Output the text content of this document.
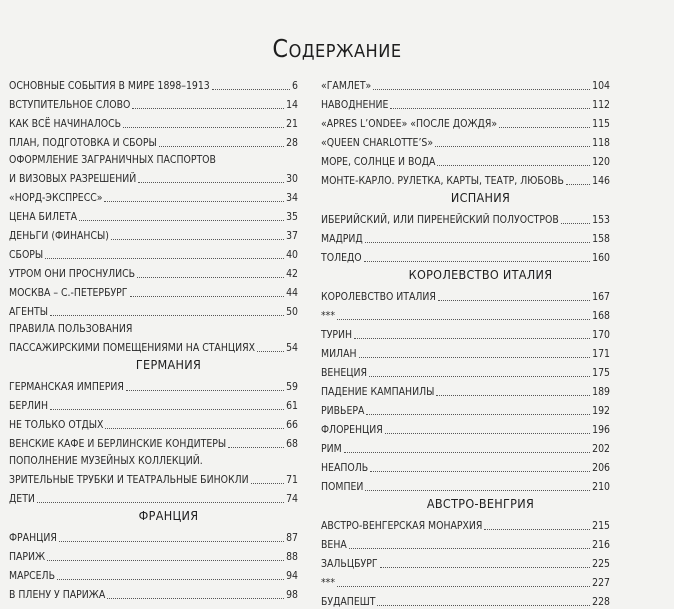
Содержание
ОСНОВНЫЕ СОБЫТИЯ В МИРЕ 1898–1913	6
ВСТУПИТЕЛЬНОЕ СЛОВО	14
КАК ВСЁ НАЧИНАЛОСЬ	21
ПЛАН, ПОДГОТОВКА И СБОРЫ	28
ОФОРМЛЕНИЕ ЗАГРАНИЧНЫХ ПАСПОРТОВ
И ВИЗОВЫХ РАЗРЕШЕНИЙ	30
«НОРД-ЭКСПРЕСС»	34
ЦЕНА БИЛЕТА	35
ДЕНЬГИ (ФИНАНСЫ)	37
СБОРЫ	40
УТРОМ ОНИ ПРОСНУЛИСЬ	42
МОСКВА – С.-ПЕТЕРБУРГ	44
АГЕНТЫ	50
ПРАВИЛА ПОЛЬЗОВАНИЯ
ПАССАЖИРСКИМИ ПОМЕЩЕНИЯМИ НА СТАНЦИЯХ	54
ГЕРМАНИЯ
ГЕРМАНСКАЯ ИМПЕРИЯ	59
БЕРЛИН	61
НЕ ТОЛЬКО ОТДЫХ	66
ВЕНСКИЕ КАФЕ И БЕРЛИНСКИЕ КОНДИТЕРЫ	68
ПОПОЛНЕНИЕ МУЗЕЙНЫХ КОЛЛЕКЦИЙ.
ЗРИТЕЛЬНЫЕ ТРУБКИ И ТЕАТРАЛЬНЫЕ БИНОКЛИ	71
ДЕТИ	74
ФРАНЦИЯ
ФРАНЦИЯ	87
ПАРИЖ	88
МАРСЕЛЬ	94
В ПЛЕНУ У ПАРИЖА	98
«ГАМЛЕТ»	104
НАВОДНЕНИЕ	112
«APRES L’ONDEE» «ПОСЛЕ ДОЖДЯ»	115
«QUEEN CHARLOTTE’S»	118
МОРЕ, СОЛНЦЕ И ВОДА	120
МОНТЕ-КАРЛО. РУЛЕТКА, КАРТЫ, ТЕАТР, ЛЮБОВЬ	146
ИСПАНИЯ
ИБЕРИЙСКИЙ, ИЛИ ПИРЕНЕЙСКИЙ ПОЛУОСТРОВ	153
МАДРИД	158
ТОЛЕДО	160
КОРОЛЕВСТВО ИТАЛИЯ
КОРОЛЕВСТВО ИТАЛИЯ	167
***	168
ТУРИН	170
МИЛАН	171
ВЕНЕЦИЯ	175
ПАДЕНИЕ КАМПАНИЛЫ	189
РИВЬЕРА	192
ФЛОРЕНЦИЯ	196
РИМ	202
НЕАПОЛЬ	206
ПОМПЕИ	210
АВСТРО-ВЕНГРИЯ
АВСТРО-ВЕНГЕРСКАЯ МОНАРХИЯ	215
ВЕНА	216
ЗАЛЬЦБУРГ	225
***	227
БУДАПЕШТ	228
